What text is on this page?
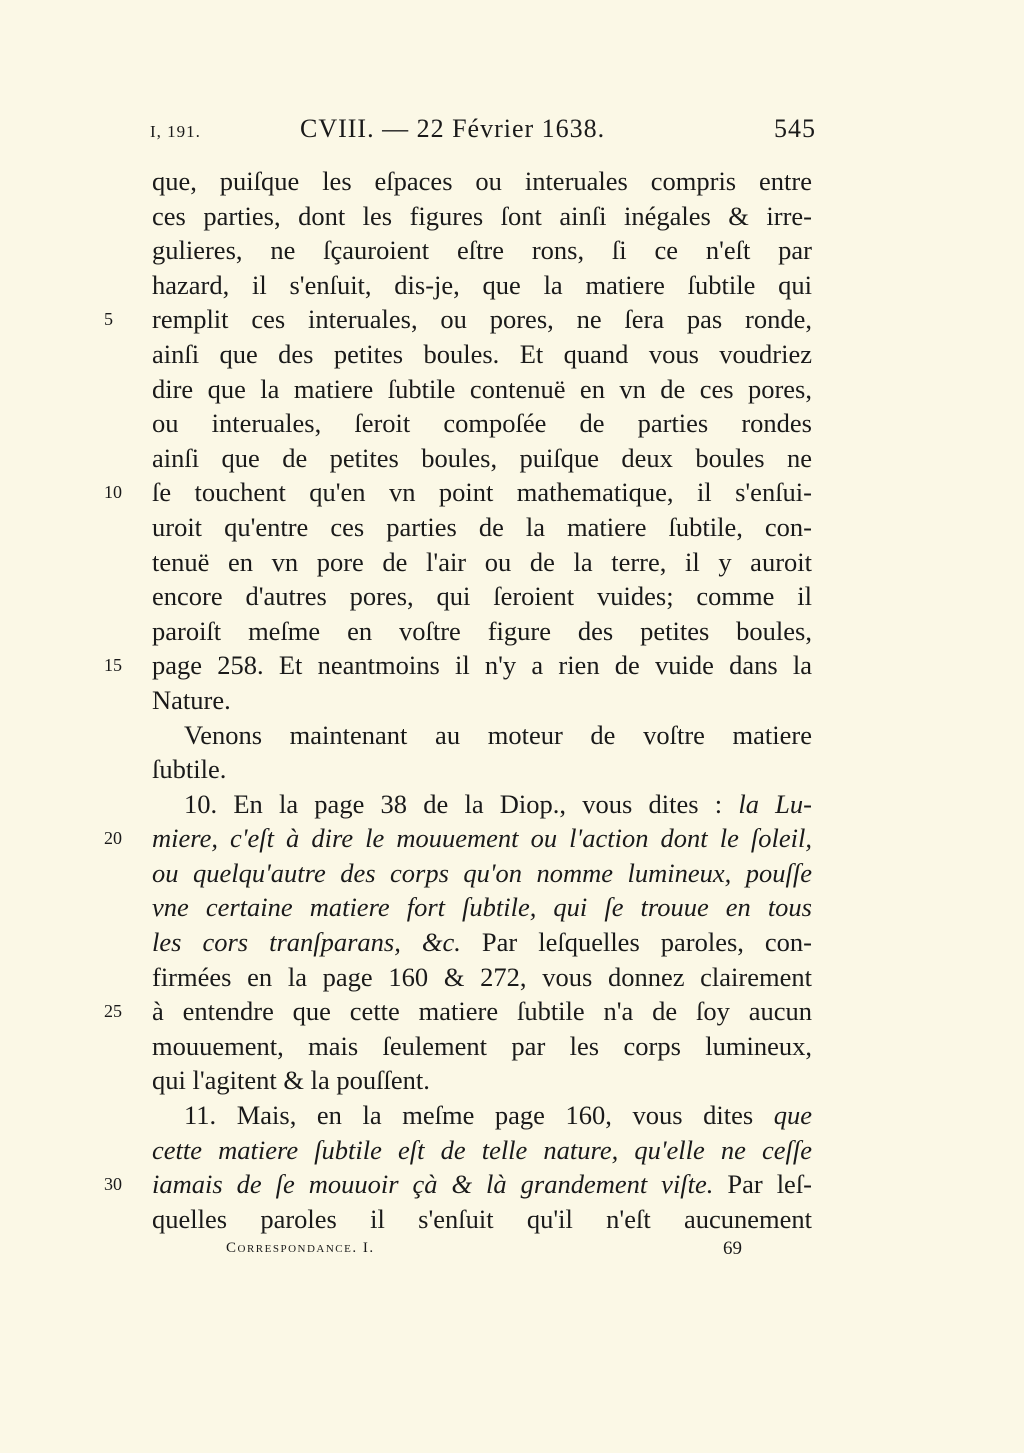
I, 191.	CVIII. — 22 Février 1638.	545
que, puiſque les eſpaces ou interuales compris entre
ces parties, dont les figures ſont ainſi inégales & irre-
gulieres, ne ſçauroient eſtre rons, ſi ce n'eſt par
hazard, il s'enſuit, dis-je, que la matiere ſubtile qui
5	remplit ces interuales, ou pores, ne ſera pas ronde,
ainſi que des petites boules. Et quand vous voudriez
dire que la matiere ſubtile contenuë en vn de ces pores,
ou interuales, ſeroit compoſée de parties rondes
ainſi que de petites boules, puiſque deux boules ne
10	ſe touchent qu'en vn point mathematique, il s'enſui-
uroit qu'entre ces parties de la matiere ſubtile, con-
tenuë en vn pore de l'air ou de la terre, il y auroit
encore d'autres pores, qui ſeroient vuides; comme il
paroiſt meſme en voſtre figure des petites boules,
15	page 258. Et neantmoins il n'y a rien de vuide dans la
Nature.
Venons maintenant au moteur de voſtre matiere
ſubtile.
10. En la page 38 de la Diop., vous dites : la Lu-
20	miere, c'eſt à dire le mouuement ou l'action dont le ſoleil,
ou quelqu'autre des corps qu'on nomme lumineux, pouſſe
vne certaine matiere fort ſubtile, qui ſe trouue en tous
les cors tranſparans, &c. Par leſquelles paroles, con-
firmées en la page 160 & 272, vous donnez clairement
25	à entendre que cette matiere ſubtile n'a de ſoy aucun
mouuement, mais ſeulement par les corps lumineux,
qui l'agitent & la pouſſent.
11. Mais, en la meſme page 160, vous dites que
cette matiere ſubtile eſt de telle nature, qu'elle ne ceſſe
30	iamais de ſe mouuoir çà & là grandement viſte. Par leſ-
quelles paroles il s'enſuit qu'il n'eſt aucunement
Correspondance. I.	69
